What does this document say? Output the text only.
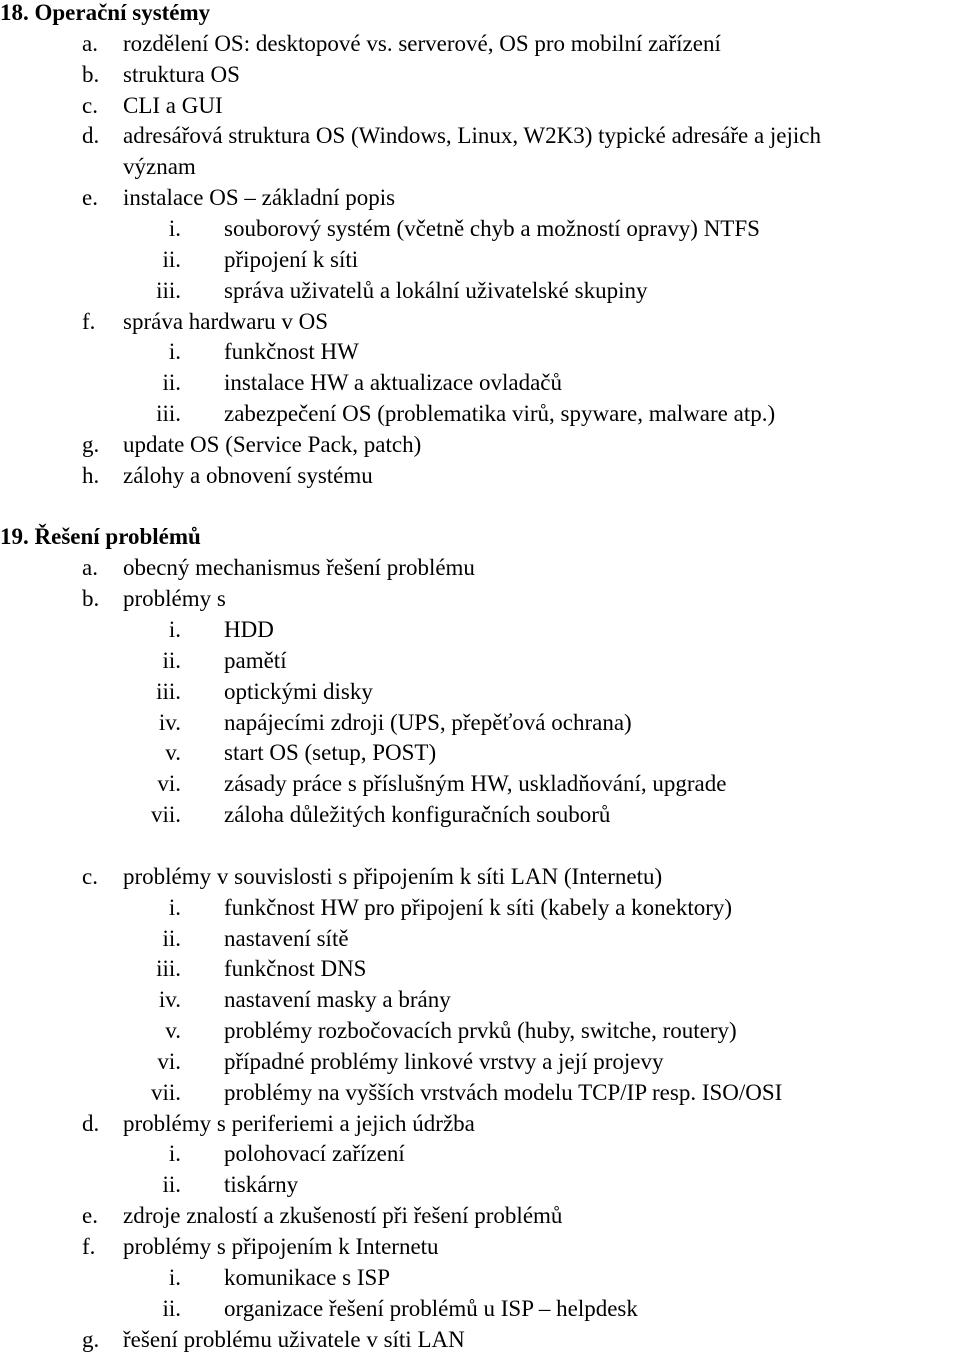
18. Operační systémy
a. rozdělení OS: desktopové vs. serverové, OS pro mobilní zařízení
b. struktura OS
c. CLI a GUI
d. adresářová struktura OS (Windows, Linux, W2K3) typické adresáře a jejich
význam
e. instalace OS – základní popis
i. souborový systém (včetně chyb a možností opravy) NTFS
ii. připojení k síti
iii. správa uživatelů a lokální uživatelské skupiny
f. správa hardwaru v OS
i. funkčnost HW
ii. instalace HW a aktualizace ovladačů
iii. zabezpečení OS (problematika virů, spyware, malware atp.)
g. update OS (Service Pack, patch)
h. zálohy a obnovení systému
19. Řešení problémů
a. obecný mechanismus řešení problému
b. problémy s
i. HDD
ii. pamětí
iii. optickými disky
iv. napájecími zdroji (UPS, přepěťová ochrana)
v. start OS (setup, POST)
vi. zásady práce s příslušným HW, uskladňování, upgrade
vii. záloha důležitých konfiguračních souborů
c. problémy v souvislosti s připojením k síti LAN (Internetu)
i. funkčnost HW pro připojení k síti (kabely a konektory)
ii. nastavení sítě
iii. funkčnost DNS
iv. nastavení masky a brány
v. problémy rozbočovacích prvků (huby, switche, routery)
vi. případné problémy linkové vrstvy a její projevy
vii. problémy na vyšších vrstvách modelu TCP/IP resp. ISO/OSI
d. problémy s periferiemi a jejich údržba
i. polohovací zařízení
ii. tiskárny
e. zdroje znalostí a zkušeností při řešení problémů
f. problémy s připojením k Internetu
i. komunikace s ISP
ii. organizace řešení problémů u ISP – helpdesk
g. řešení problému uživatele v síti LAN
